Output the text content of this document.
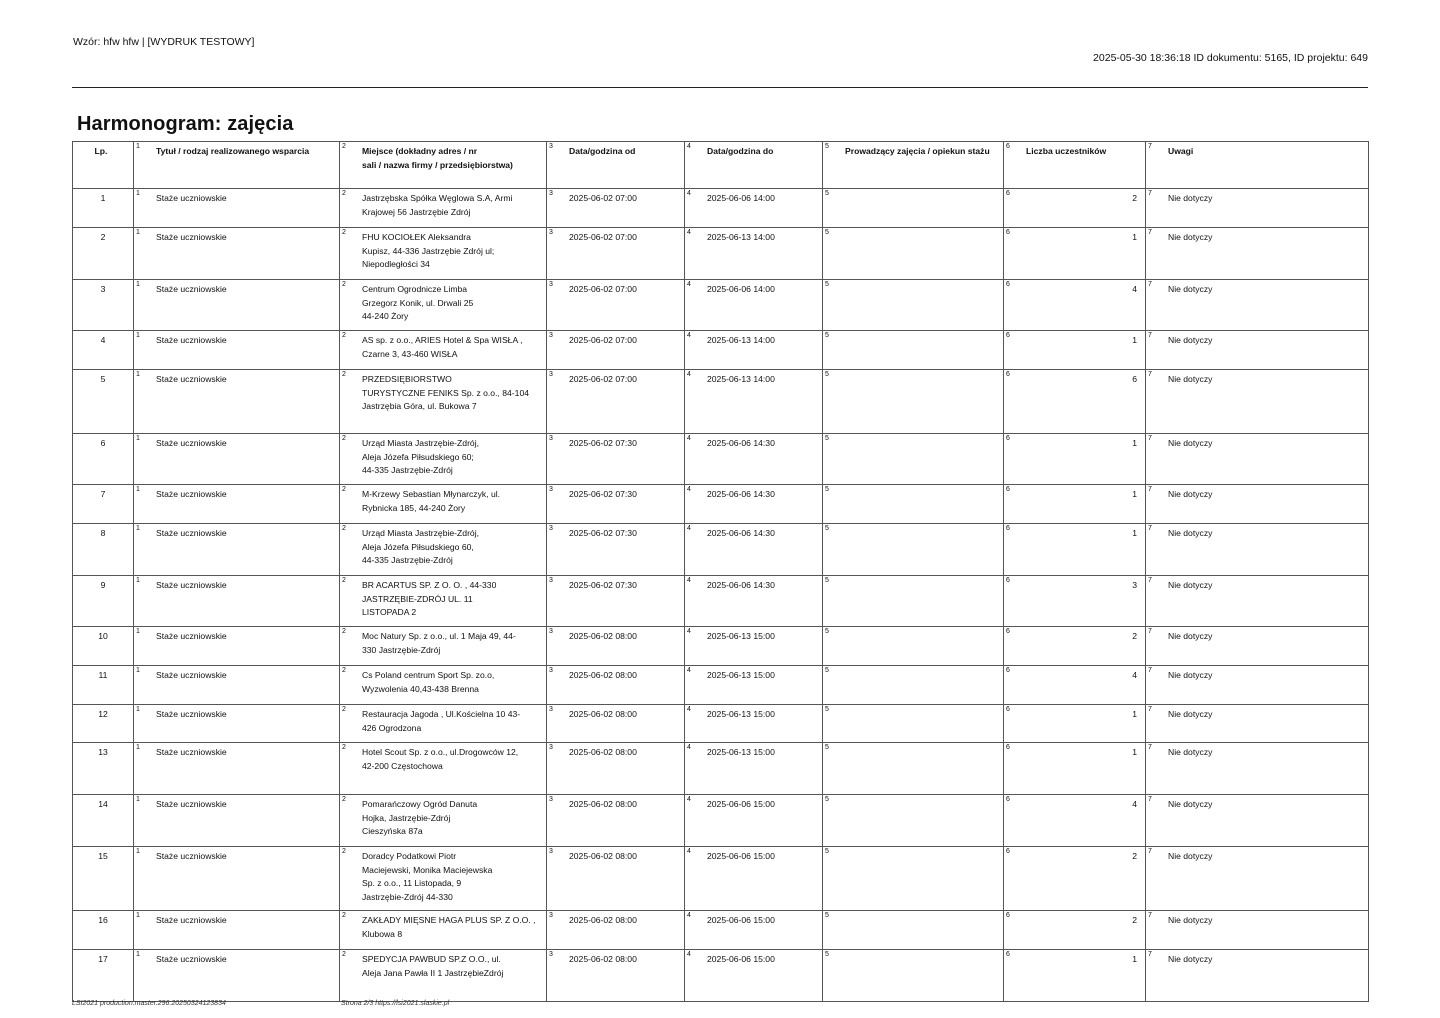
Wzór: hfw hfw | [WYDRUK TESTOWY]
2025-05-30 18:36:18 ID dokumentu: 5165, ID projektu: 649
Harmonogram: zajęcia
Lp.	1 Tytuł / rodzaj realizowanego wsparcia	2 Miejsce (dokładny adres / nr
sali / nazwa firmy / przedsiębiorstwa)	3 Data/godzina od	4 Data/godzina do	5 Prowadzący zajęcia / opiekun stażu	6 Liczba uczestników	7 Uwagi
1	1 Staże uczniowskie	2 Jastrzębska Spółka Węglowa S.A, Armi
Krajowej 56 Jastrzębie Zdrój	3 2025-06-02 07:00	4 2025-06-06 14:00	5	6 2	7 Nie dotyczy
2	1 Staże uczniowskie	2 FHU KOCIOŁEK Aleksandra
Kupisz, 44-336 Jastrzębie Zdrój ul;
Niepodległości 34	3 2025-06-02 07:00	4 2025-06-13 14:00	5	6 1	7 Nie dotyczy
3	1 Staże uczniowskie	2 Centrum Ogrodnicze Limba
Grzegorz Konik, ul. Drwali 25
44-240 Żory	3 2025-06-02 07:00	4 2025-06-06 14:00	5	6 4	7 Nie dotyczy
4	1 Staże uczniowskie	2 AS sp. z o.o., ARIES Hotel & Spa WISŁA ,
Czarne 3, 43-460 WISŁA	3 2025-06-02 07:00	4 2025-06-13 14:00	5	6 1	7 Nie dotyczy
5	1 Staże uczniowskie	2 PRZEDSIĘBIORSTWO
TURYSTYCZNE FENIKS Sp. z o.o., 84-104
Jastrzębia Góra, ul. Bukowa 7	3 2025-06-02 07:00	4 2025-06-13 14:00	5	6 6	7 Nie dotyczy
6	1 Staże uczniowskie	2 Urząd Miasta Jastrzębie-Zdrój,
Aleja Józefa Piłsudskiego 60;
44-335 Jastrzębie-Zdrój	3 2025-06-02 07:30	4 2025-06-06 14:30	5	6 1	7 Nie dotyczy
7	1 Staże uczniowskie	2 M-Krzewy Sebastian Młynarczyk, ul.
Rybnicka 185, 44-240 Żory	3 2025-06-02 07:30	4 2025-06-06 14:30	5	6 1	7 Nie dotyczy
8	1 Staże uczniowskie	2 Urząd Miasta Jastrzębie-Zdrój,
Aleja Józefa Piłsudskiego 60,
44-335 Jastrzębie-Zdrój	3 2025-06-02 07:30	4 2025-06-06 14:30	5	6 1	7 Nie dotyczy
9	1 Staże uczniowskie	2 BR ACARTUS SP. Z O. O. , 44-330
JASTRZĘBIE-ZDRÓJ UL. 11
LISTOPADA 2	3 2025-06-02 07:30	4 2025-06-06 14:30	5	6 3	7 Nie dotyczy
10	1 Staże uczniowskie	2 Moc Natury Sp. z o.o., ul. 1 Maja 49, 44-
330 Jastrzębie-Zdrój	3 2025-06-02 08:00	4 2025-06-13 15:00	5	6 2	7 Nie dotyczy
11	1 Staże uczniowskie	2 Cs Poland centrum Sport Sp. zo.o,
Wyzwolenia 40,43-438 Brenna	3 2025-06-02 08:00	4 2025-06-13 15:00	5	6 4	7 Nie dotyczy
12	1 Staże uczniowskie	2 Restauracja Jagoda , Ul.Kościelna 10 43-
426 Ogrodzona	3 2025-06-02 08:00	4 2025-06-13 15:00	5	6 1	7 Nie dotyczy
13	1 Staże uczniowskie	2 Hotel Scout Sp. z o.o., ul.Drogowców 12,
42-200 Częstochowa	3 2025-06-02 08:00	4 2025-06-13 15:00	5	6 1	7 Nie dotyczy
14	1 Staże uczniowskie	2 Pomarańczowy Ogród Danuta
Hojka, Jastrzębie-Zdrój
Cieszyńska 87a	3 2025-06-02 08:00	4 2025-06-06 15:00	5	6 4	7 Nie dotyczy
15	1 Staże uczniowskie	2 Doradcy Podatkowi Piotr
Maciejewski, Monika Maciejewska
Sp. z o.o., 11 Listopada, 9
Jastrzębie-Zdrój 44-330	3 2025-06-02 08:00	4 2025-06-06 15:00	5	6 2	7 Nie dotyczy
16	1 Staże uczniowskie	2 ZAKŁADY MIĘSNE HAGA PLUS SP. Z O.O. ,
Klubowa 8	3 2025-06-02 08:00	4 2025-06-06 15:00	5	6 2	7 Nie dotyczy
17	1 Staże uczniowskie	2 SPEDYCJA PAWBUD SP.Z O.O., ul.
Aleja Jana Pawła II 1 JastrzębieZdrój	3 2025-06-02 08:00	4 2025-06-06 15:00	5	6 1	7 Nie dotyczy
LSI2021 production:master.296:20250324123834	Strona 2/3 https://lsi2021.slaskie.pl
